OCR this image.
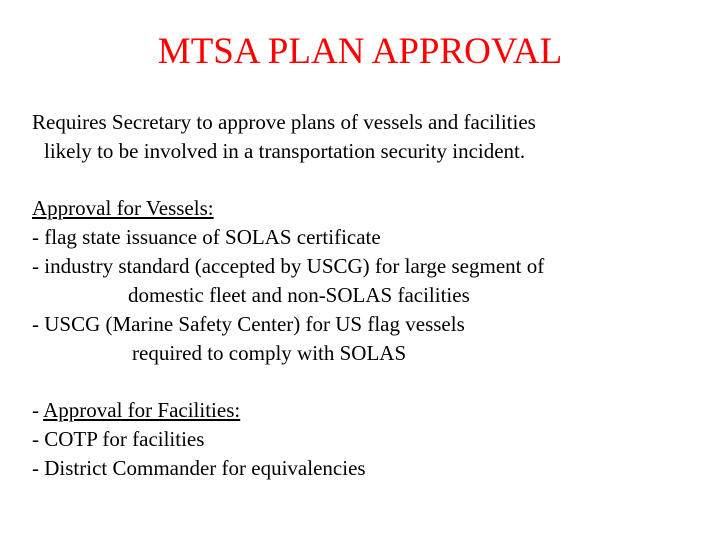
MTSA PLAN APPROVAL
Requires Secretary to approve plans of vessels and facilities
likely to be involved in a transportation security incident.
Approval for Vessels:
- flag state issuance of SOLAS certificate
- industry standard (accepted by USCG) for large segment of
domestic fleet and non-SOLAS facilities
- USCG (Marine Safety Center) for US flag vessels
required to comply with SOLAS
- Approval for Facilities:
- COTP for facilities
- District Commander for equivalencies
